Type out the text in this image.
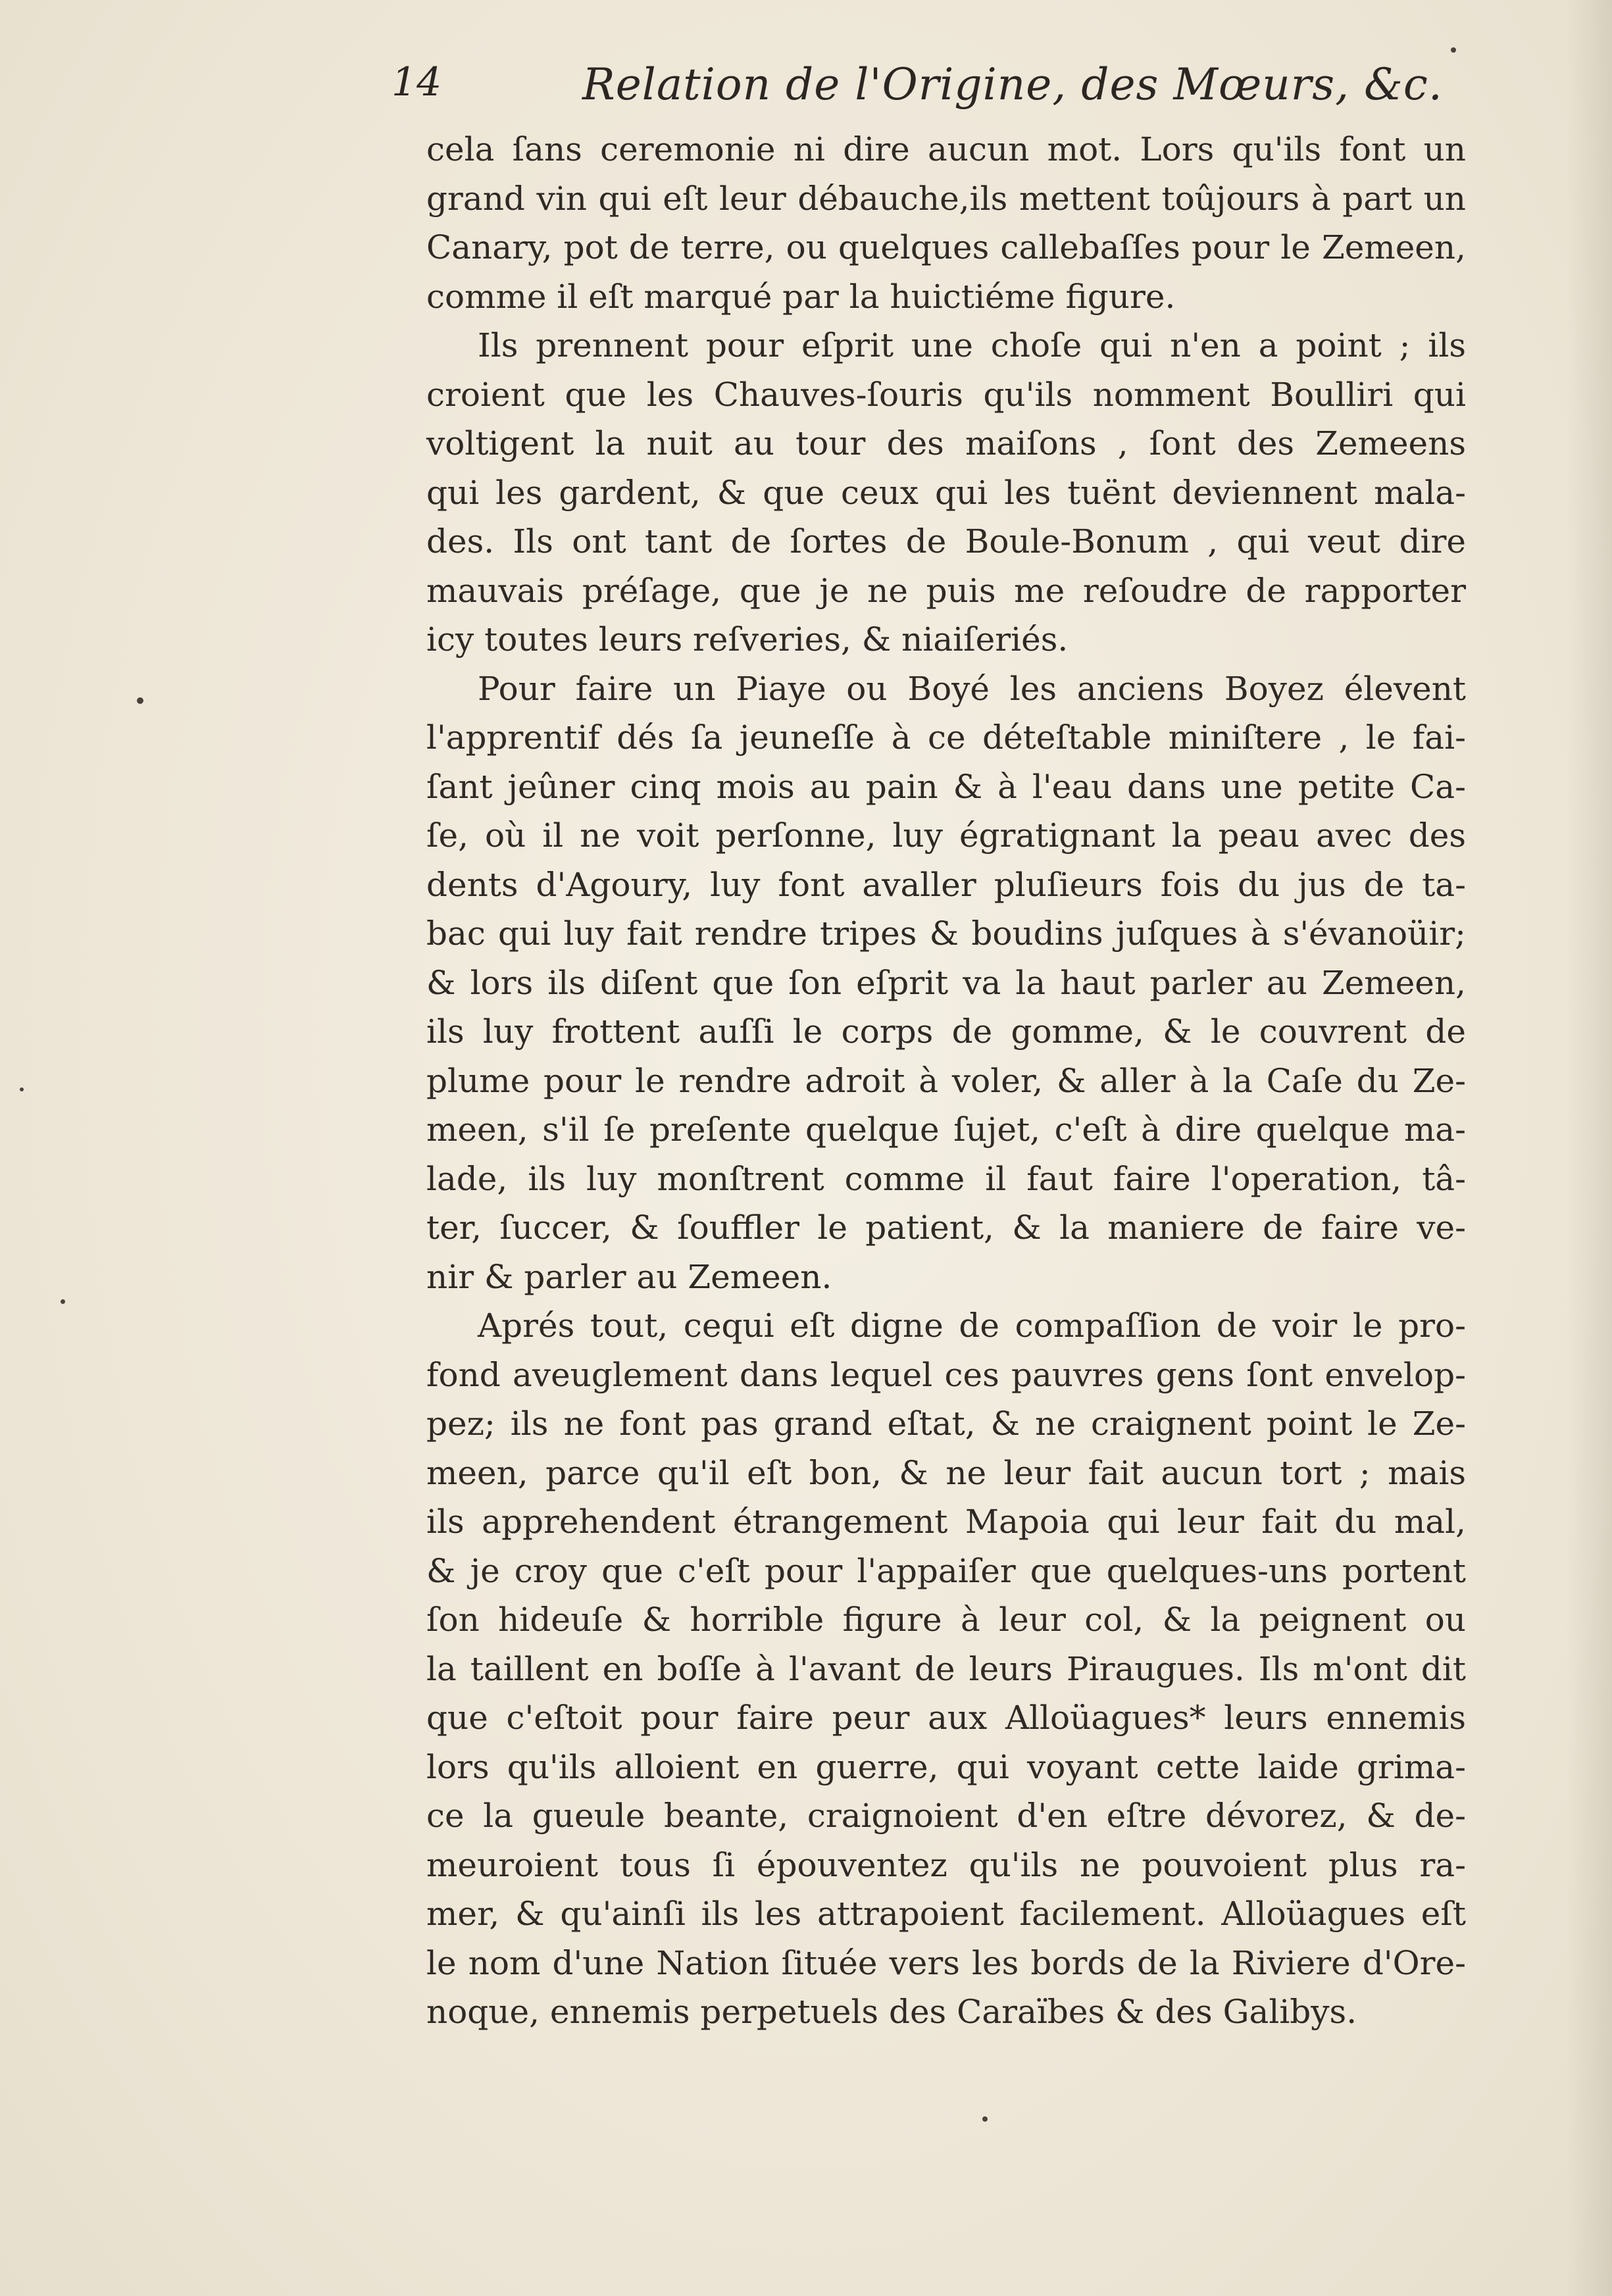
14	Relation de l'Origine, des Mœurs, &c.
cela ſans ceremonie ni dire aucun mot. Lors qu'ils font un
grand vin qui eſt leur débauche,ils mettent toûjours à part un
Canary, pot de terre, ou quelques callebaſſes pour le Zemeen,
comme il eſt marqué par la huictiéme figure.
Ils prennent pour eſprit une choſe qui n'en a point ; ils
croient que les Chauves-ſouris qu'ils nomment Boulliri qui
voltigent la nuit au tour des maiſons , ſont des Zemeens
qui les gardent, & que ceux qui les tuënt deviennent mala-
des. Ils ont tant de ſortes de Boule-Bonum , qui veut dire
mauvais préſage, que je ne puis me reſoudre de rapporter
icy toutes leurs reſveries, & niaiſeriés.
Pour faire un Piaye ou Boyé les anciens Boyez élevent
l'apprentif dés ſa jeuneſſe à ce déteſtable miniſtere , le fai-
ſant jeûner cinq mois au pain & à l'eau dans une petite Ca-
ſe, où il ne voit perſonne, luy égratignant la peau avec des
dents d'Agoury, luy font avaller pluſieurs fois du jus de ta-
bac qui luy fait rendre tripes & boudins juſques à s'évanoüir;
& lors ils diſent que ſon eſprit va la haut parler au Zemeen,
ils luy frottent auſſi le corps de gomme, & le couvrent de
plume pour le rendre adroit à voler, & aller à la Caſe du Ze-
meen, s'il ſe preſente quelque ſujet, c'eſt à dire quelque ma-
lade, ils luy monſtrent comme il faut faire l'operation, tâ-
ter, ſuccer, & ſouffler le patient, & la maniere de faire ve-
nir & parler au Zemeen.
Aprés tout, cequi eſt digne de compaſſion de voir le pro-
fond aveuglement dans lequel ces pauvres gens ſont envelop-
pez; ils ne font pas grand eſtat, & ne craignent point le Ze-
meen, parce qu'il eſt bon, & ne leur fait aucun tort ; mais
ils apprehendent étrangement Mapoia qui leur fait du mal,
& je croy que c'eſt pour l'appaiſer que quelques-uns portent
ſon hideuſe & horrible figure à leur col, & la peignent ou
la taillent en boſſe à l'avant de leurs Piraugues. Ils m'ont dit
que c'eſtoit pour faire peur aux Alloüagues* leurs ennemis
lors qu'ils alloient en guerre, qui voyant cette laide grima-
ce la gueule beante, craignoient d'en eſtre dévorez, & de-
meuroient tous ſi épouventez qu'ils ne pouvoient plus ra-
mer, & qu'ainſi ils les attrapoient facilement. Alloüagues eſt
le nom d'une Nation ſituée vers les bords de la Riviere d'Ore-
noque, ennemis perpetuels des Caraïbes & des Galibys.
